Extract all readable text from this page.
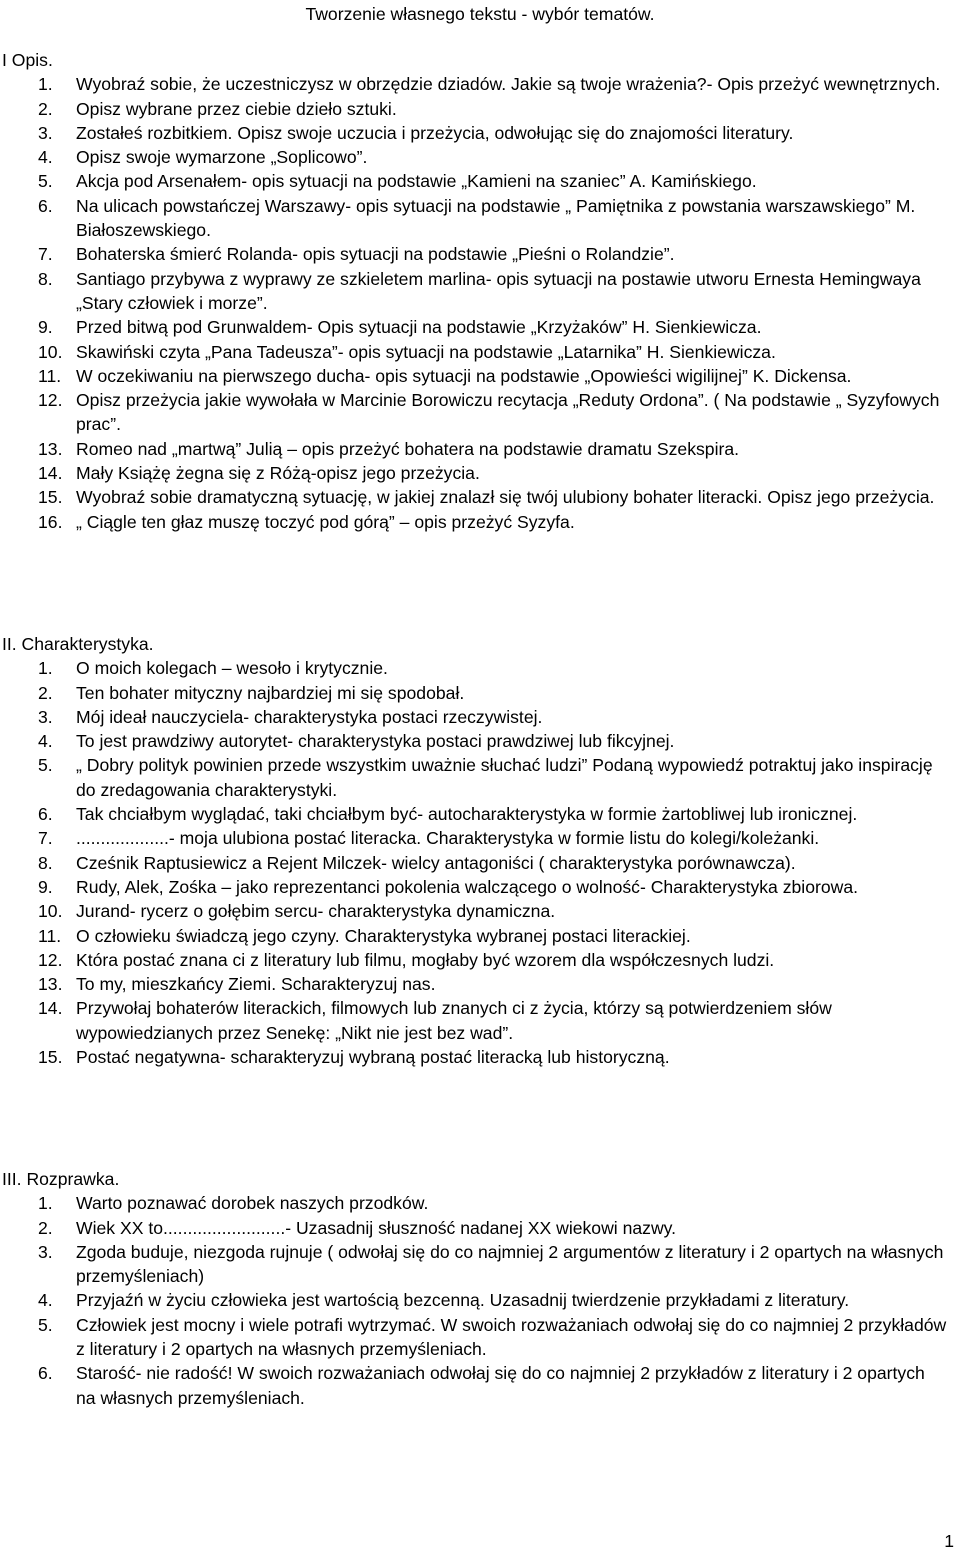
Tworzenie własnego tekstu - wybór tematów.
I Opis.
1. Wyobraź sobie, że uczestniczysz w obrzędzie dziadów. Jakie są twoje wrażenia?- Opis przeżyć wewnętrznych.
2. Opisz wybrane przez ciebie dzieło sztuki.
3. Zostałeś rozbitkiem. Opisz swoje uczucia i przeżycia, odwołując się do znajomości literatury.
4. Opisz swoje wymarzone „Soplicowo”.
5. Akcja pod Arsenałem- opis sytuacji na podstawie „Kamieni na szaniec” A. Kamińskiego.
6. Na ulicach powstańczej Warszawy- opis sytuacji na podstawie „ Pamiętnika z powstania warszawskiego” M. Białoszewskiego.
7. Bohaterska śmierć Rolanda- opis sytuacji na podstawie „Pieśni o Rolandzie”.
8. Santiago przybywa z wyprawy ze szkieletem marlina- opis sytuacji na postawie utworu Ernesta Hemingwaya „Stary człowiek i morze”.
9. Przed bitwą pod Grunwaldem- Opis sytuacji na podstawie „Krzyżaków” H. Sienkiewicza.
10. Skawiński czyta „Pana Tadeusza”- opis sytuacji na podstawie „Latarnika” H. Sienkiewicza.
11. W oczekiwaniu na pierwszego ducha- opis sytuacji na podstawie „Opowieści wigilijnej” K. Dickensa.
12. Opisz przeżycia jakie wywołała w Marcinie Borowiczu recytacja „Reduty Ordona”. ( Na podstawie „ Syzyfowych prac”.
13. Romeo nad „martwą” Julią – opis przeżyć bohatera na podstawie dramatu Szekspira.
14. Mały Książę żegna się z Różą-opisz jego przeżycia.
15. Wyobraź sobie dramatyczną sytuację, w jakiej znalazł się twój ulubiony bohater literacki. Opisz jego przeżycia.
16. „ Ciągle ten głaz muszę toczyć pod górą” – opis przeżyć Syzyfa.
II. Charakterystyka.
1. O moich kolegach – wesoło i krytycznie.
2. Ten bohater mityczny najbardziej mi się spodobał.
3. Mój ideał nauczyciela- charakterystyka postaci rzeczywistej.
4. To jest prawdziwy autorytet- charakterystyka postaci prawdziwej lub fikcyjnej.
5. „ Dobry polityk powinien przede wszystkim uważnie słuchać ludzi” Podaną wypowiedź potraktuj jako inspirację do zredagowania charakterystyki.
6. Tak chciałbym wyglądać, taki chciałbym być- autocharakterystyka w formie żartobliwej lub ironicznej.
7. ...................- moja ulubiona postać literacka. Charakterystyka w formie listu do kolegi/koleżanki.
8. Cześnik Raptusiewicz a Rejent Milczek- wielcy antagoniści ( charakterystyka porównawcza).
9. Rudy, Alek, Zośka – jako reprezentanci pokolenia walczącego o wolność- Charakterystyka zbiorowa.
10. Jurand- rycerz o gołębim sercu- charakterystyka dynamiczna.
11. O człowieku świadczą jego czyny. Charakterystyka wybranej postaci literackiej.
12. Która postać znana ci z literatury lub filmu, mogłaby być wzorem dla współczesnych ludzi.
13. To my, mieszkańcy Ziemi. Scharakteryzuj nas.
14. Przywołaj bohaterów literackich, filmowych lub znanych ci z życia, którzy są potwierdzeniem słów wypowiedzianych przez Senekę: „Nikt nie jest bez wad”.
15. Postać negatywna- scharakteryzuj wybraną postać literacką lub historyczną.
III. Rozprawka.
1. Warto poznawać dorobek naszych przodków.
2. Wiek XX to.........................- Uzasadnij słuszność nadanej XX wiekowi nazwy.
3. Zgoda buduje, niezgoda rujnuje ( odwołaj się do co najmniej 2 argumentów z literatury i 2 opartych na własnych przemyśleniach)
4. Przyjaźń w życiu człowieka jest wartością bezcenną. Uzasadnij twierdzenie przykładami z literatury.
5. Człowiek jest mocny i wiele potrafi wytrzymać. W swoich rozważaniach odwołaj się do co najmniej 2 przykładów z literatury i 2 opartych na własnych przemyśleniach.
6. Starość- nie radość! W swoich rozważaniach odwołaj się do co najmniej 2 przykładów z literatury i 2 opartych na własnych przemyśleniach.
1
